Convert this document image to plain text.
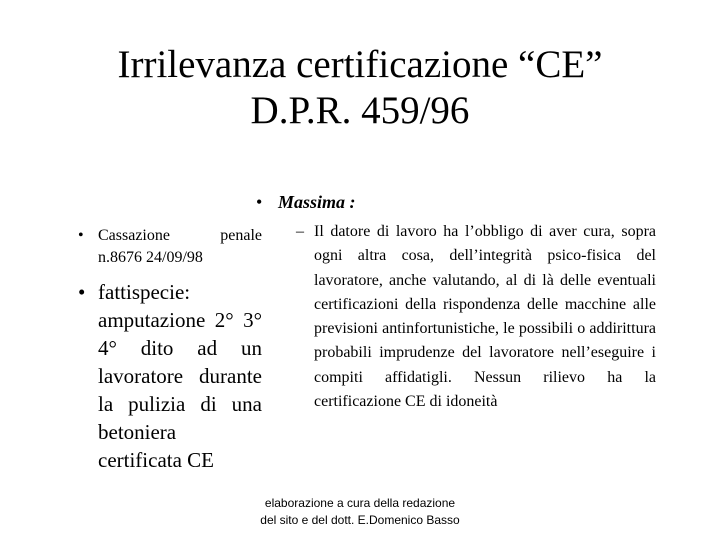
Irrilevanza certificazione “CE”
D.P.R. 459/96
• Cassazione penale n.8676 24/09/98
• fattispecie: amputazione 2° 3° 4° dito ad un lavoratore durante la pulizia di una betoniera certificata CE
• Massima :
– Il datore di lavoro ha l’obbligo di aver cura, sopra ogni altra cosa, dell’integrità psico-fisica del lavoratore, anche valutando, al di là delle eventuali certificazioni della rispondenza delle macchine alle previsioni antinfortunistiche, le possibili o addirittura probabili imprudenze del lavoratore nell’eseguire i compiti affidatigli. Nessun rilievo ha la certificazione CE di idoneità
elaborazione a cura della redazione
del sito e del dott. E.Domenico Basso
